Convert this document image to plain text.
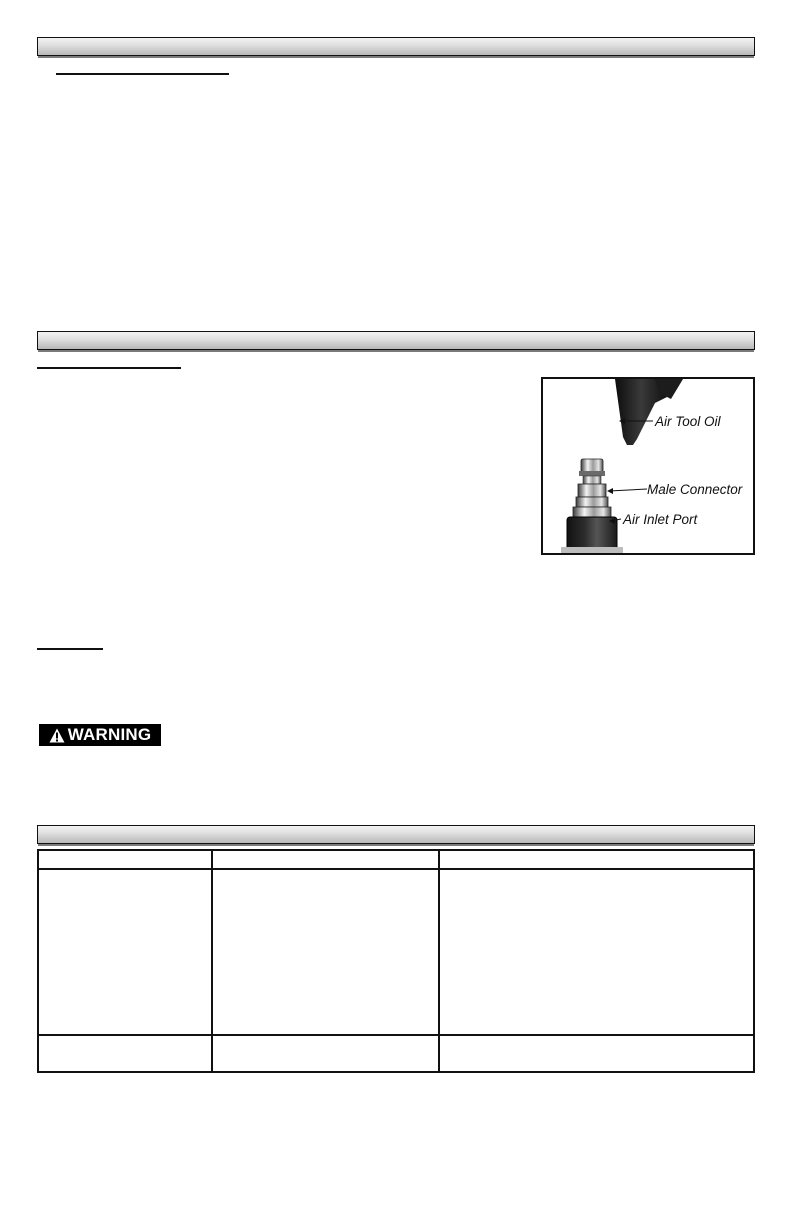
Air Tool Oil
Male Connector
Air Inlet Port
WARNING
